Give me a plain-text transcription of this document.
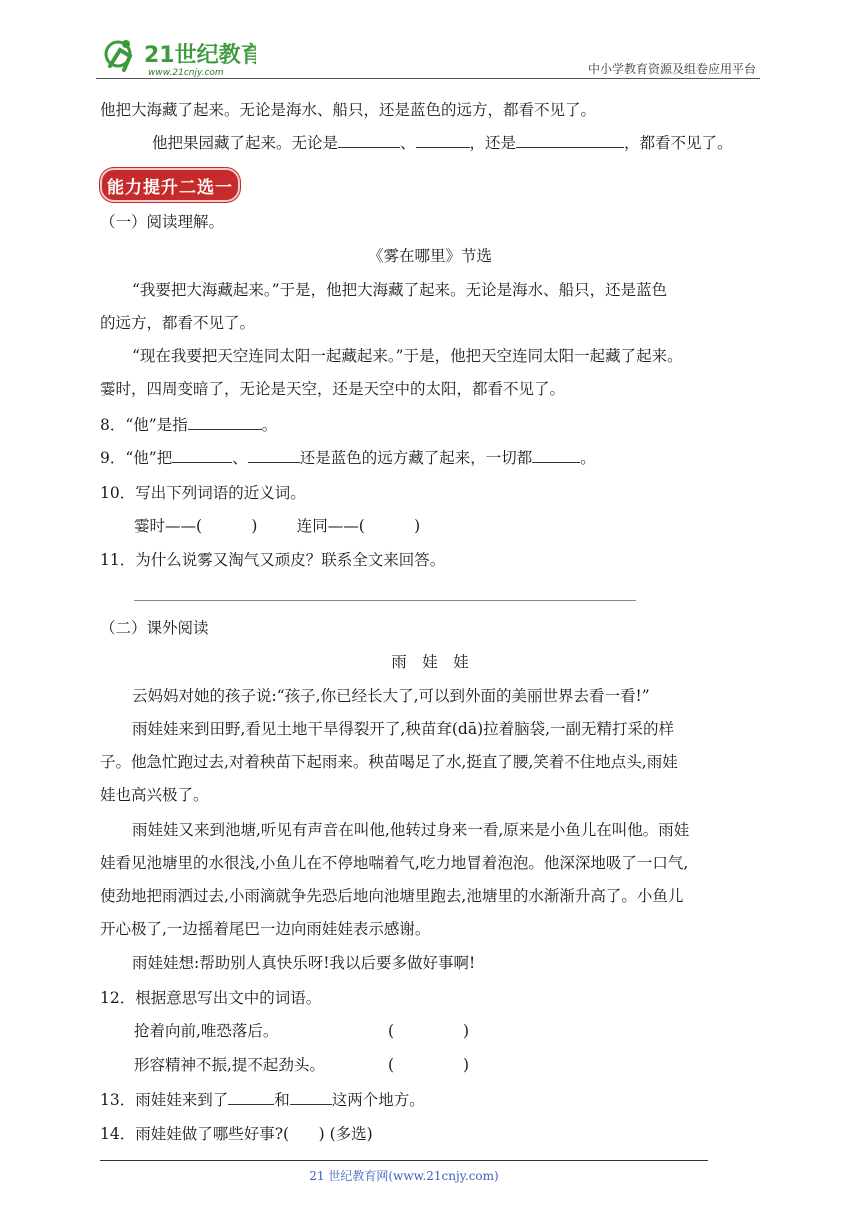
21世纪教育
www.21cnjy.com	中小学教育资源及组卷应用平台
他把大海藏了起来。无论是海水、船只，还是蓝色的远方，都看不见了。
他把果园藏了起来。无论是	、	，还是	，都看不见了。
能力提升二选一
（一）阅读理解。
《雾在哪里》节选
“我要把大海藏起来。”于是，他把大海藏了起来。无论是海水、船只，还是蓝色
的远方，都看不见了。
“现在我要把天空连同太阳一起藏起来。”于是，他把天空连同太阳一起藏了起来。
霎时，四周变暗了，无论是天空，还是天空中的太阳，都看不见了。
8．“他”是指	。
9．“他”把	、	还是蓝色的远方藏了起来，一切都	。
10．写出下列词语的近义词。
霎时——(          )        连同——(          )
11．为什么说雾又淘气又顽皮？联系全文来回答。
（二）课外阅读
雨　娃　娃
云妈妈对她的孩子说:“孩子,你已经长大了,可以到外面的美丽世界去看一看!”
雨娃娃来到田野,看见土地干旱得裂开了,秧苗耷(dā)拉着脑袋,一副无精打采的样
子。他急忙跑过去,对着秧苗下起雨来。秧苗喝足了水,挺直了腰,笑着不住地点头,雨娃
娃也高兴极了。
雨娃娃又来到池塘,听见有声音在叫他,他转过身来一看,原来是小鱼儿在叫他。雨娃
娃看见池塘里的水很浅,小鱼儿在不停地喘着气,吃力地冒着泡泡。他深深地吸了一口气,
使劲地把雨洒过去,小雨滴就争先恐后地向池塘里跑去,池塘里的水渐渐升高了。小鱼儿
开心极了,一边摇着尾巴一边向雨娃娃表示感谢。
雨娃娃想:帮助别人真快乐呀!我以后要多做好事啊!
12．根据意思写出文中的词语。
抢着向前,唯恐落后。	(              )
形容精神不振,提不起劲头。	(              )
13．雨娃娃来到了	和	这两个地方。
14．雨娃娃做了哪些好事?(      ) (多选)
21 世纪教育网(www.21cnjy.com)
